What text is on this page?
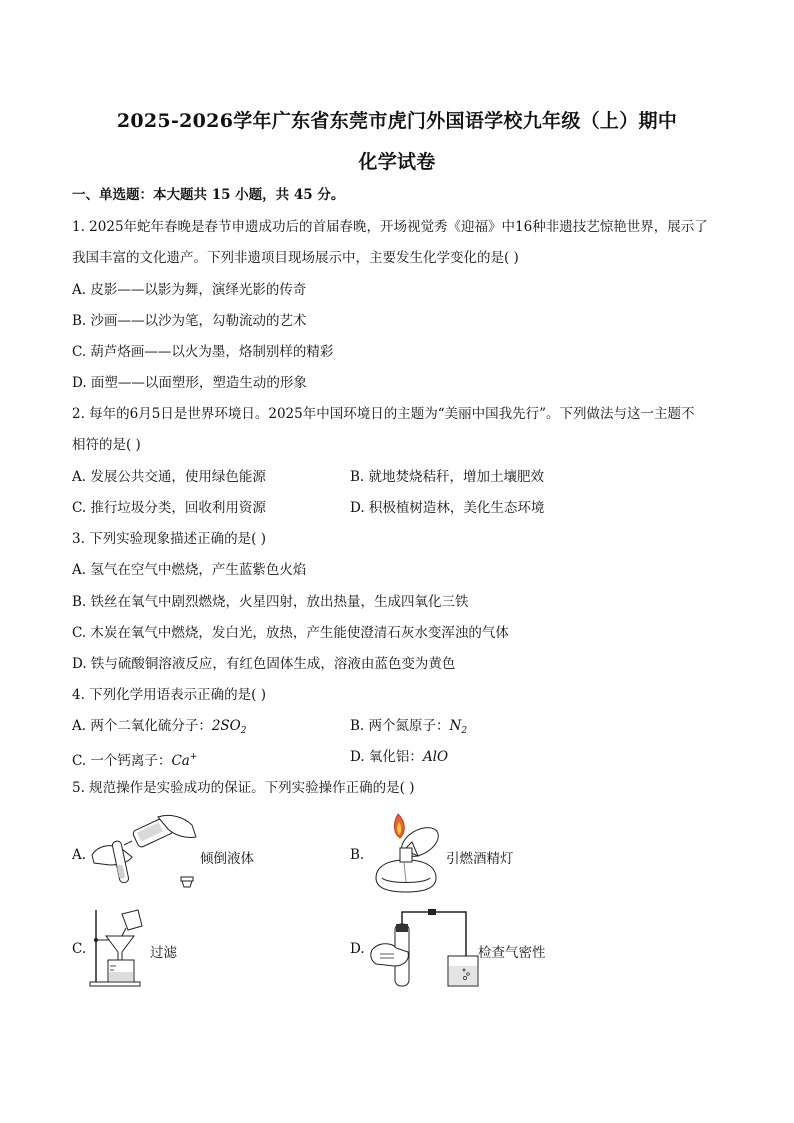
2025-2026学年广东省东莞市虎门外国语学校九年级（上）期中
化学试卷
一、单选题：本大题共 15 小题，共 45 分。
1. 2025年蛇年春晚是春节申遗成功后的首届春晚，开场视觉秀《迎福》中16种非遗技艺惊艳世界，展示了
我国丰富的文化遗产。下列非遗项目现场展示中，主要发生化学变化的是( )
A. 皮影——以影为舞，演绎光影的传奇
B. 沙画——以沙为笔，勾勒流动的艺术
C. 葫芦烙画——以火为墨，烙制别样的精彩
D. 面塑——以面塑形，塑造生动的形象
2. 每年的6月5日是世界环境日。2025年中国环境日的主题为“美丽中国我先行”。下列做法与这一主题不
相符的是( )
A. 发展公共交通，使用绿色能源	B. 就地焚烧秸秆，增加土壤肥效
C. 推行垃圾分类，回收利用资源	D. 积极植树造林，美化生态环境
3. 下列实验现象描述正确的是( )
A. 氢气在空气中燃烧，产生蓝紫色火焰
B. 铁丝在氧气中剧烈燃烧，火星四射，放出热量，生成四氧化三铁
C. 木炭在氧气中燃烧，发白光，放热，产生能使澄清石灰水变浑浊的气体
D. 铁与硫酸铜溶液反应，有红色固体生成，溶液由蓝色变为黄色
4. 下列化学用语表示正确的是( )
A. 两个二氧化硫分子：$2SO_2$	B. 两个氮原子：$N_2$
C. 一个钙离子：Ca+	D. 氧化铝：AlO
5. 规范操作是实验成功的保证。下列实验操作正确的是( )
A.	倾倒液体	B.	引燃酒精灯
C.	过滤	D.	检查气密性
